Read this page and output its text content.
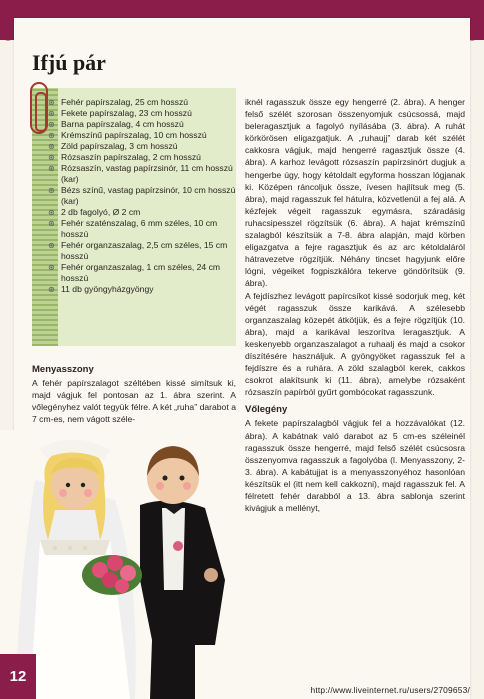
Ifjú pár
⊛ Fehér papírszalag, 25 cm hosszú
⊛ Fekete papírszalag, 23 cm hosszú
⊛ Barna papírszalag, 4 cm hosszú
⊛ Krémszínű papírszalag, 10 cm hosszú
⊛ Zöld papírszalag, 3 cm hosszú
⊛ Rózsaszín papírszalag, 2 cm hosszú
⊛ Rózsaszín, vastag papírzsinór, 11 cm hosszú (kar)
⊛ Bézs színű, vastag papírzsinór, 10 cm hosszú (kar)
⊛ 2 db fagolyó, Ø 2 cm
⊛ Fehér szaténszalag, 6 mm széles, 10 cm hosszú
⊛ Fehér organzaszalag, 2,5 cm széles, 15 cm hosszú
⊛ Fehér organzaszalag, 1 cm széles, 24 cm hosszú
⊛ 11 db gyöngyházgyöngy
Menyasszony

A fehér papírszalagot széltében kissé simítsuk ki, majd vágjuk fel pontosan az 1. ábra szerint. A vőlegényhez valót tegyük félre. A két „ruha” darabot a 7 cm-es, nem vágott széle-

iknél ragasszuk össze egy hengerré (2. ábra). A henger felső szélét szorosan összenyomjuk csúcsossá, majd beleragasztjuk a fagolyó nyílásába (3. ábra). A ruhát körkörösen eligazgatjuk. A „ruhaujj” darab két szélét cakkosra vágjuk, majd hengerré ragasztjuk össze (4. ábra). A karhoz levágott rózsaszín papírzsinórt dugjuk a hengerbe úgy, hogy kétoldalt egyforma hosszan lógjanak ki. Középen ráncoljuk össze, ívesen hajlítsuk meg (5. ábra), majd ragasszuk fel hátulra, közvetlenül a fej alá. A kézfejek végeit ragasszuk egymásra, száradásig ruhacsipesszel rögzítsük (6. ábra). A hajat krémszínű szalagból készítsük a 7-8. ábra alapján, majd körben eligazgatva a fejre ragasztjuk és az arc kétoldaláról hátravezetve rögzítjük. Néhány tincset hagyjunk előre lógni, végeiket fogpiszkálóra tekerve göndörítsük (9. ábra).

A fejdíszhez levágott papírcsíkot kissé sodorjuk meg, két végét ragasszuk össze karikává. A szélesebb organzaszalag közepét átkötjük, és a fejre rögzítjük (10. ábra), majd a karikával leszorítva leragasztjuk. A keskenyebb organzaszalagot a ruhaalj és majd a csokor díszítésére használjuk. A gyöngyöket ragasszuk fel a fejdíszre és a ruhára. A zöld szalagból kerek, cakkos csokrot alakítsunk ki (11. ábra), amelybe rózsaként rózsaszín papírból gyűrt gombócokat ragasszunk.

Vőlegény

A fekete papírszalagból vágjuk fel a hozzávalókat (12. ábra). A kabátnak való darabot az 5 cm-es széleinél ragasszuk össze hengerré, majd felső szélét csúcsosra összenyomva ragasszuk a fagolyóba (l. Menyasszony, 2-3. ábra). A kabátujjat is a menyasszonyéhoz hasonlóan készítsük el (itt nem kell cakkozni), majd ragasszuk fel. A félretett fehér darabból a 13. ábra sablonja szerint kivágjuk a mellényt,

12
http://www.liveinternet.ru/users/2709653/
